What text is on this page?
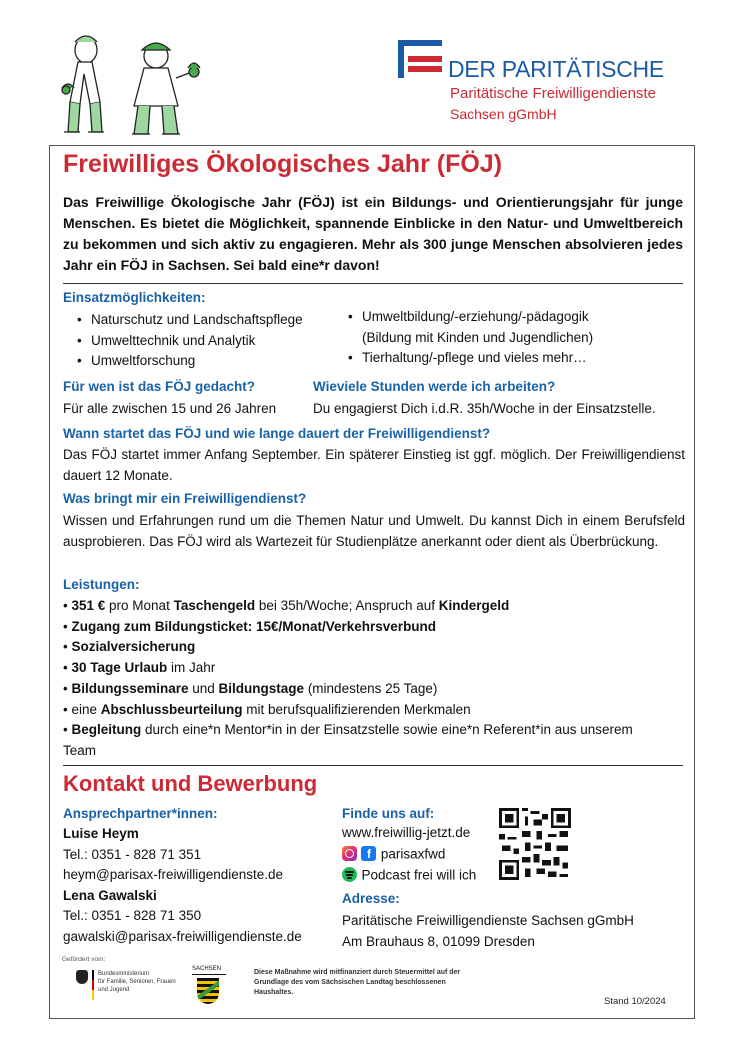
DER PARITÄTISCHE
Paritätische Freiwilligendienste
Sachsen gGmbH
Freiwilliges Ökologisches Jahr (FÖJ)
Das Freiwillige Ökologische Jahr (FÖJ) ist ein Bildungs- und Orientierungsjahr für junge Menschen. Es bietet die Möglichkeit, spannende Einblicke in den Natur- und Umweltbereich zu bekommen und sich aktiv zu engagieren. Mehr als 300 junge Menschen absolvieren jedes Jahr ein FÖJ in Sachsen. Sei bald eine*r davon!
Einsatzmöglichkeiten:
• Naturschutz und Landschaftspflege
• Umwelttechnik und Analytik
• Umweltforschung
• Umweltbildung/-erziehung/-pädagogik
(Bildung mit Kinden und Jugendlichen)
• Tierhaltung/-pflege und vieles mehr…
Für wen ist das FÖJ gedacht?
Für alle zwischen 15 und 26 Jahren
Wieviele Stunden werde ich arbeiten?
Du engagierst Dich i.d.R. 35h/Woche in der Einsatzstelle.
Wann startet das FÖJ und wie lange dauert der Freiwilligendienst?
Das FÖJ startet immer Anfang September. Ein späterer Einstieg ist ggf. möglich. Der Freiwilligendienst dauert 12 Monate.
Was bringt mir ein Freiwilligendienst?
Wissen und Erfahrungen rund um die Themen Natur und Umwelt. Du kannst Dich in einem Berufsfeld ausprobieren. Das FÖJ wird als Wartezeit für Studienplätze anerkannt oder dient als Überbrückung.
Leistungen:
• 351 € pro Monat Taschengeld bei 35h/Woche; Anspruch auf Kindergeld
• Zugang zum Bildungsticket: 15€/Monat/Verkehrsverbund
• Sozialversicherung
• 30 Tage Urlaub im Jahr
• Bildungsseminare und Bildungstage (mindestens 25 Tage)
• eine Abschlussbeurteilung mit berufsqualifizierenden Merkmalen
• Begleitung durch eine*n Mentor*in in der Einsatzstelle sowie eine*n Referent*in aus unserem Team
Kontakt und Bewerbung
Ansprechpartner*innen:
Luise Heym
Tel.: 0351 - 828 71 351
heym@parisax-freiwilligendienste.de
Lena Gawalski
Tel.: 0351 - 828 71 350
gawalski@parisax-freiwilligendienste.de
Finde uns auf:
www.freiwillig-jetzt.de
f parisaxfwd
Podcast frei will ich
Adresse:
Paritätische Freiwilligendienste Sachsen gGmbH
Am Brauhaus 8, 01099 Dresden
Gefördert vom:
Bundesministerium
für Familie, Senioren, Frauen
und Jugend
SACHSEN	Diese Maßnahme wird mitfinanziert durch Steuermittel auf der Grundlage des vom Sächsischen Landtag beschlossenen Haushaltes.
Stand 10/2024
